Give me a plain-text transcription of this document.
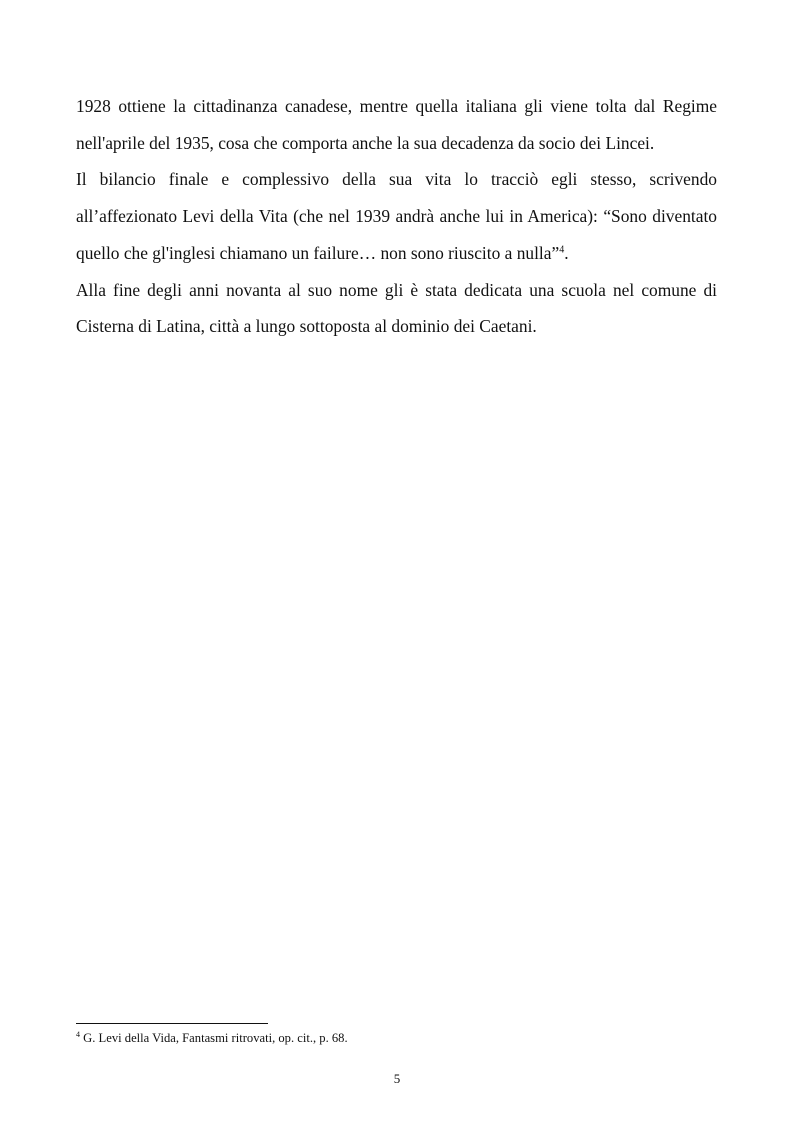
1928 ottiene la cittadinanza canadese, mentre quella italiana gli viene tolta dal Regime nell'aprile del 1935, cosa che comporta anche la sua decadenza da socio dei Lincei.

Il bilancio finale e complessivo della sua vita lo tracciò egli stesso, scrivendo all’affezionato Levi della Vita (che nel 1939 andrà anche lui in America): “Sono diventato quello che gl'inglesi chiamano un failure… non sono riuscito a nulla”$^4$.

Alla fine degli anni novanta al suo nome gli è stata dedicata una scuola nel comune di Cisterna di Latina, città a lungo sottoposta al dominio dei Caetani.

$^4$ G. Levi della Vida, Fantasmi ritrovati, op. cit., p. 68.

5
